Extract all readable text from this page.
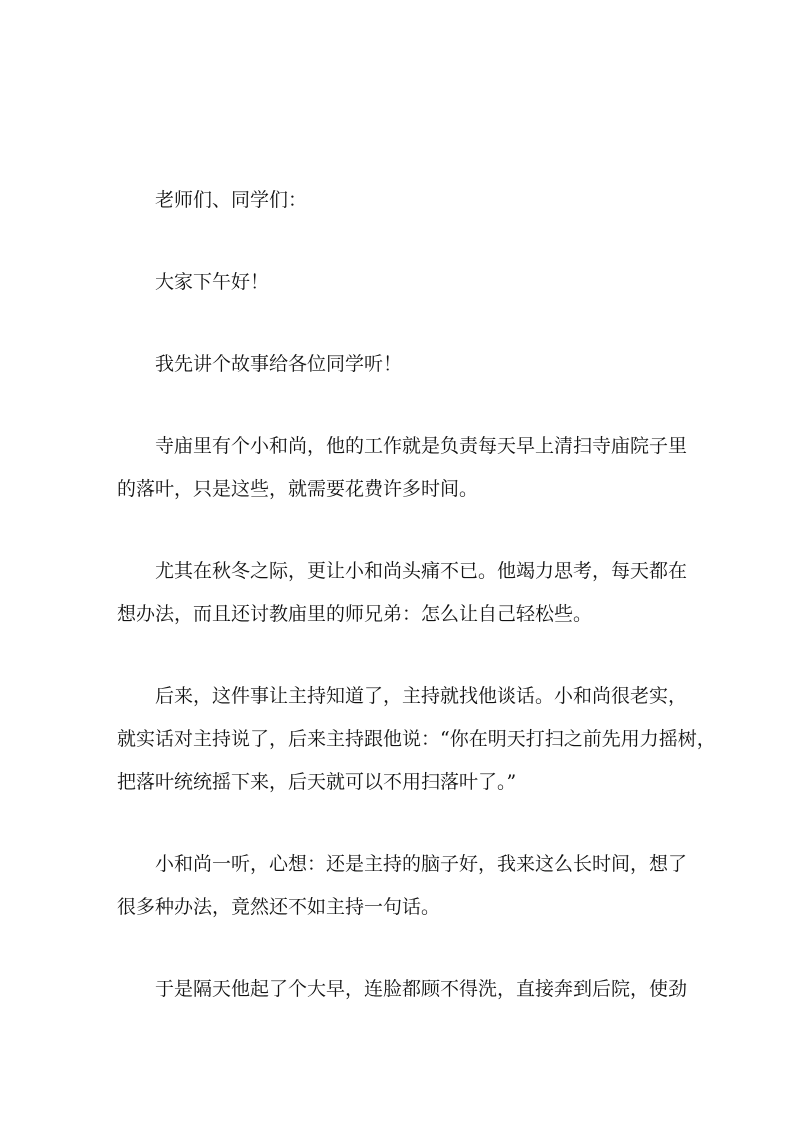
老师们、同学们：
大家下午好！
我先讲个故事给各位同学听！
寺庙里有个小和尚，他的工作就是负责每天早上清扫寺庙院子里
的落叶，只是这些，就需要花费许多时间。
尤其在秋冬之际，更让小和尚头痛不已。他竭力思考，每天都在
想办法，而且还讨教庙里的师兄弟：怎么让自己轻松些。
后来，这件事让主持知道了，主持就找他谈话。小和尚很老实，
就实话对主持说了，后来主持跟他说：“你在明天打扫之前先用力摇树，
把落叶统统摇下来，后天就可以不用扫落叶了。”
小和尚一听，心想：还是主持的脑子好，我来这么长时间，想了
很多种办法，竟然还不如主持一句话。
于是隔天他起了个大早，连脸都顾不得洗，直接奔到后院，使劲
